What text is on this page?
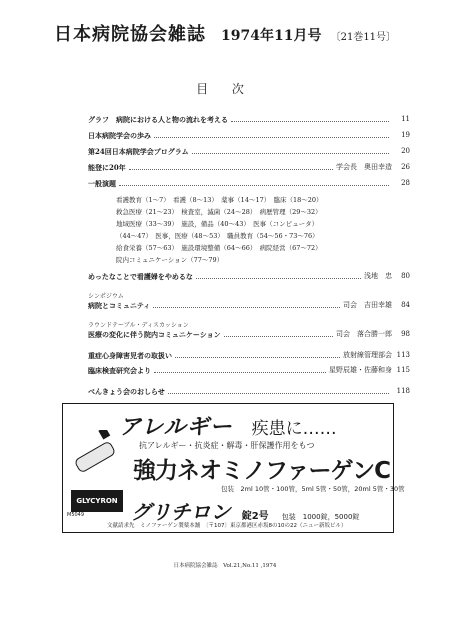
日本病院協会雑誌 1974年11月号 〔21巻11号〕
目 次
グラフ　病院における人と物の流れを考える	11
日本病院学会の歩み	19
第24回日本病院学会プログラム	20
能登に20年	学会長　奥田幸造	26
一般演題	28
看護教育（1～7）　看護（8～13）　薬事（14～17）　臨床（18～20）
救急医療（21～23）　検査室，滅菌（24～28）　病歴管理（29～32）
地域医療（33～39）　施設，備品（40～43）　医事（コンピュータ）
（44～47）　医事，医療（48～53）　職員教育（54～56・73～76）
給食栄養（57～63）　施設環境整備（64～66）　病院経営（67～72）
院内コミュニケーション（77～79）
めったなことで看護婦をやめるな	浅地　忠	80
シンポジウム
病院とコミュニティ	司会　吉田幸雄	84
ラウンドテーブル・ディスカッション
医療の変化に伴う院内コミュニケーション	司会　落合勝一郎	98
重症心身障害児者の取扱い	放射線管理部会 113
臨床検査研究会より	星野辰雄・佐藤和身 115
べんきょう会のおしらせ	118
アレルギー 疾患に……
抗アレルギー・抗炎症・解毒・肝保護作用をもつ
強力ネオミノファーゲンC
包装　2ml 10管・100管，5ml 5管・50管，20ml 5管・30管
GLYCYRON グリチロン 錠2号 包装　1000錠，5000錠
M5049
文献請求先　ミノファーゲン製薬本舗　〔〒107〕東京都港区赤坂8の10の22（ニュー新坂ビル）
日本病院協会雑誌　Vol.21,No.11 ,1974
